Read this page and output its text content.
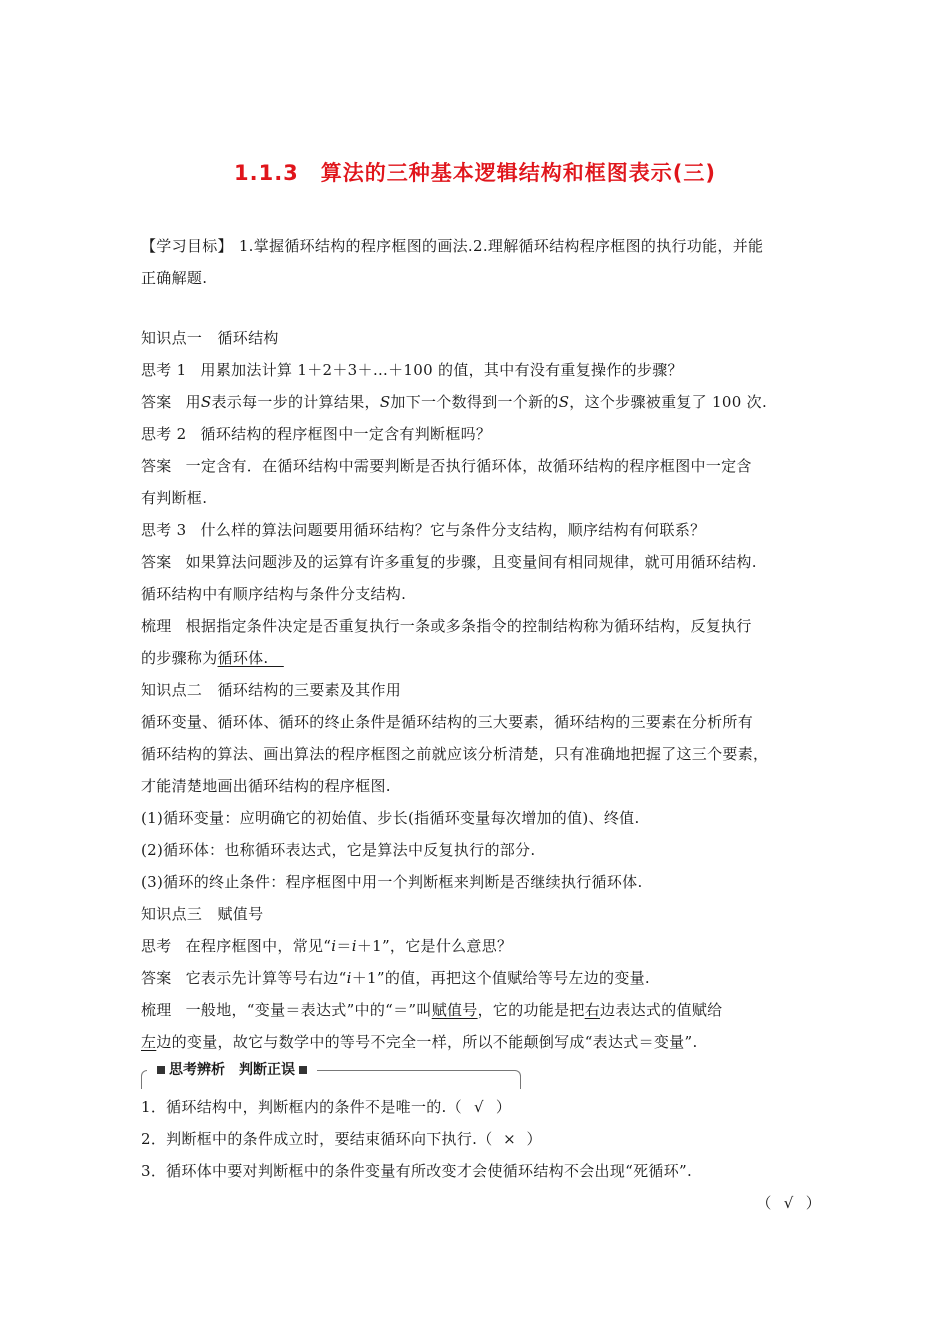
1.1.3　算法的三种基本逻辑结构和框图表示(三)
【学习目标】 1.掌握循环结构的程序框图的画法.2.理解循环结构程序框图的执行功能，并能
正确解题.
知识点一　循环结构
思考 1 用累加法计算 1＋2＋3＋…＋100 的值，其中有没有重复操作的步骤？
答案 用S表示每一步的计算结果，S加下一个数得到一个新的S，这个步骤被重复了 100 次.
思考 2 循环结构的程序框图中一定含有判断框吗？
答案 一定含有．在循环结构中需要判断是否执行循环体，故循环结构的程序框图中一定含
有判断框.
思考 3 什么样的算法问题要用循环结构？它与条件分支结构，顺序结构有何联系？
答案 如果算法问题涉及的运算有许多重复的步骤，且变量间有相同规律，就可用循环结构.
循环结构中有顺序结构与条件分支结构.
梳理 根据指定条件决定是否重复执行一条或多条指令的控制结构称为循环结构，反复执行
的步骤称为循环体.　
知识点二　循环结构的三要素及其作用
循环变量、循环体、循环的终止条件是循环结构的三大要素，循环结构的三要素在分析所有
循环结构的算法、画出算法的程序框图之前就应该分析清楚，只有准确地把握了这三个要素，
才能清楚地画出循环结构的程序框图.
(1)循环变量：应明确它的初始值、步长(指循环变量每次增加的值)、终值.
(2)循环体：也称循环表达式，它是算法中反复执行的部分.
(3)循环的终止条件：程序框图中用一个判断框来判断是否继续执行循环体.
知识点三　赋值号
思考 在程序框图中，常见“i＝i＋1”，它是什么意思？
答案 它表示先计算等号右边“i＋1”的值，再把这个值赋给等号左边的变量.
梳理 一般地，“变量＝表达式”中的“＝”叫赋值号，它的功能是把右边表达式的值赋给
左边的变量，故它与数学中的等号不完全一样，所以不能颠倒写成“表达式＝变量”.
思考辨析　 判断正误
1．循环结构中，判断框内的条件不是唯一的.（ √ ）
2．判断框中的条件成立时，要结束循环向下执行.（ × ）
3．循环体中要对判断框中的条件变量有所改变才会使循环结构不会出现“死循环”.
（ √ ）
